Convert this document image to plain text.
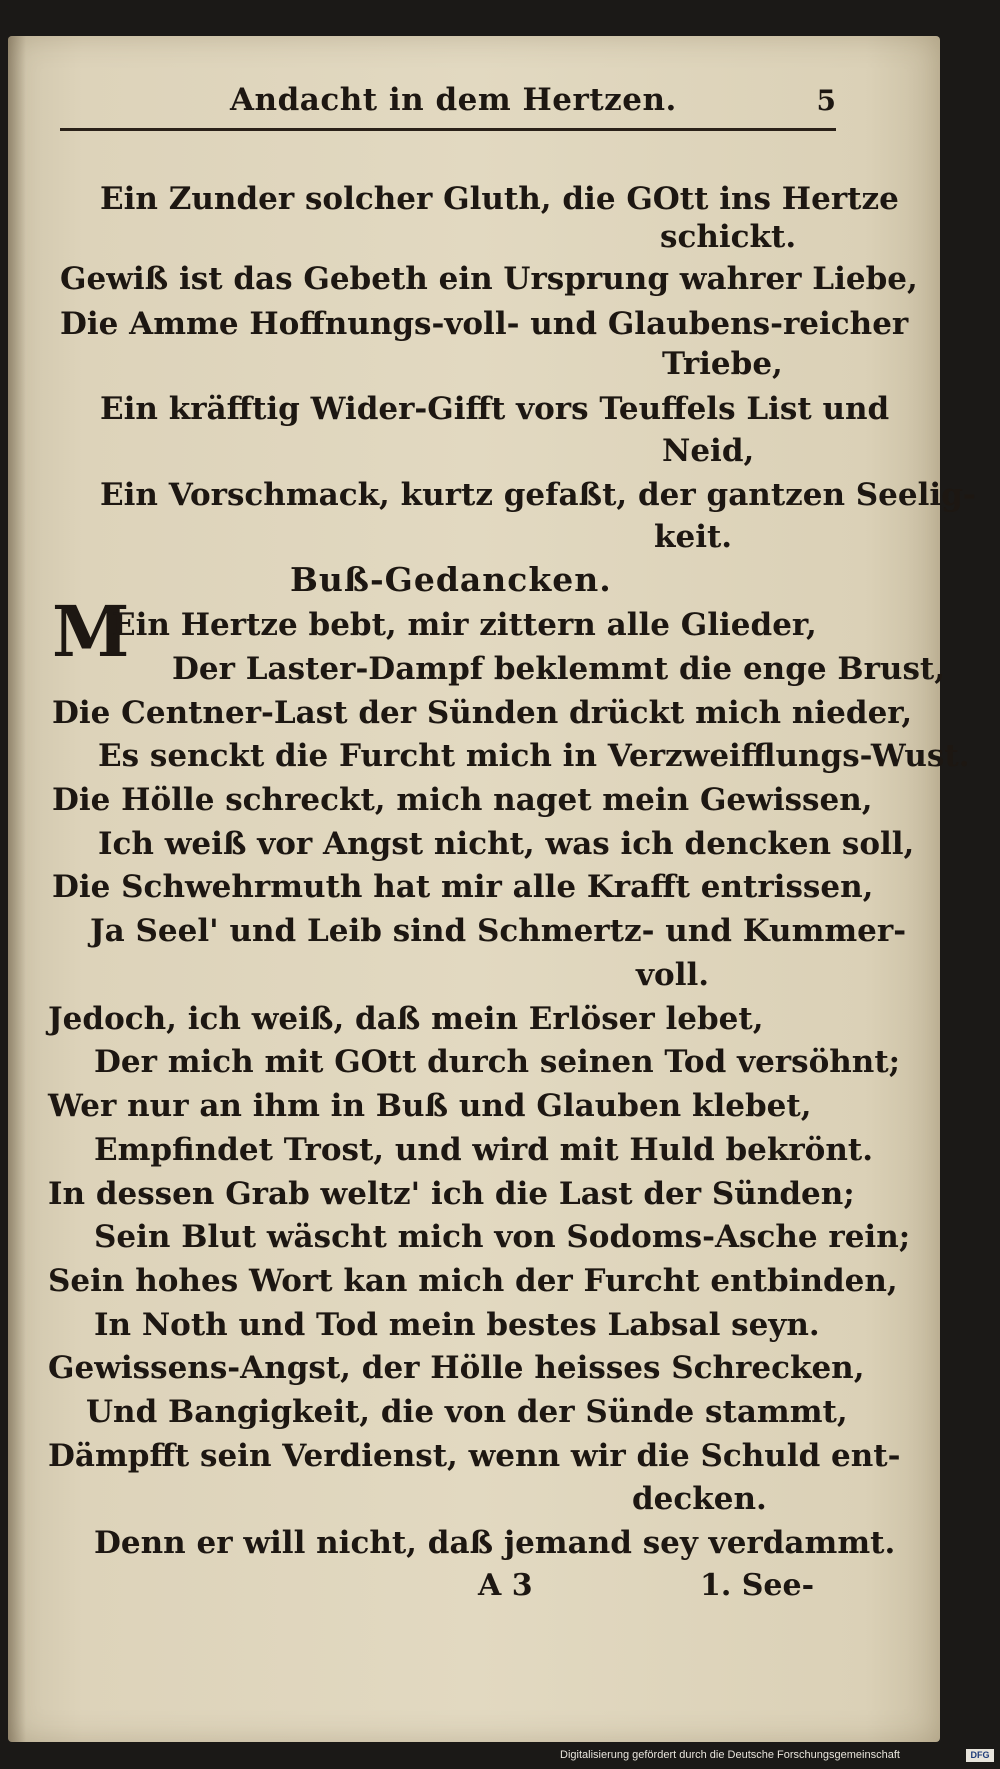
Andacht in dem Hertzen.	5
Ein Zunder solcher Gluth, die GOtt ins Hertze
schickt.
Gewiß ist das Gebeth ein Ursprung wahrer Liebe,
Die Amme Hoffnungs-voll- und Glaubens-reicher
Triebe,
Ein kräfftig Wider-Gifft vors Teuffels List und
Neid,
Ein Vorschmack, kurtz gefaßt, der gantzen Seelig-
keit.
Buß-Gedancken.
M
Ein Hertze bebt, mir zittern alle Glieder,
Der Laster-Dampf beklemmt die enge Brust,
Die Centner-Last der Sünden drückt mich nieder,
Es senckt die Furcht mich in Verzweifflungs-Wust.
Die Hölle schreckt, mich naget mein Gewissen,
Ich weiß vor Angst nicht, was ich dencken soll,
Die Schwehrmuth hat mir alle Krafft entrissen,
Ja Seel' und Leib sind Schmertz- und Kummer-
voll.
Jedoch, ich weiß, daß mein Erlöser lebet,
Der mich mit GOtt durch seinen Tod versöhnt;
Wer nur an ihm in Buß und Glauben klebet,
Empfindet Trost, und wird mit Huld bekrönt.
In dessen Grab weltz' ich die Last der Sünden;
Sein Blut wäscht mich von Sodoms-Asche rein;
Sein hohes Wort kan mich der Furcht entbinden,
In Noth und Tod mein bestes Labsal seyn.
Gewissens-Angst, der Hölle heisses Schrecken,
Und Bangigkeit, die von der Sünde stammt,
Dämpfft sein Verdienst, wenn wir die Schuld ent-
decken.
Denn er will nicht, daß jemand sey verdammt.
A 3	1. See-
Digitalisierung gefördert durch die Deutsche Forschungsgemeinschaft	DFG
